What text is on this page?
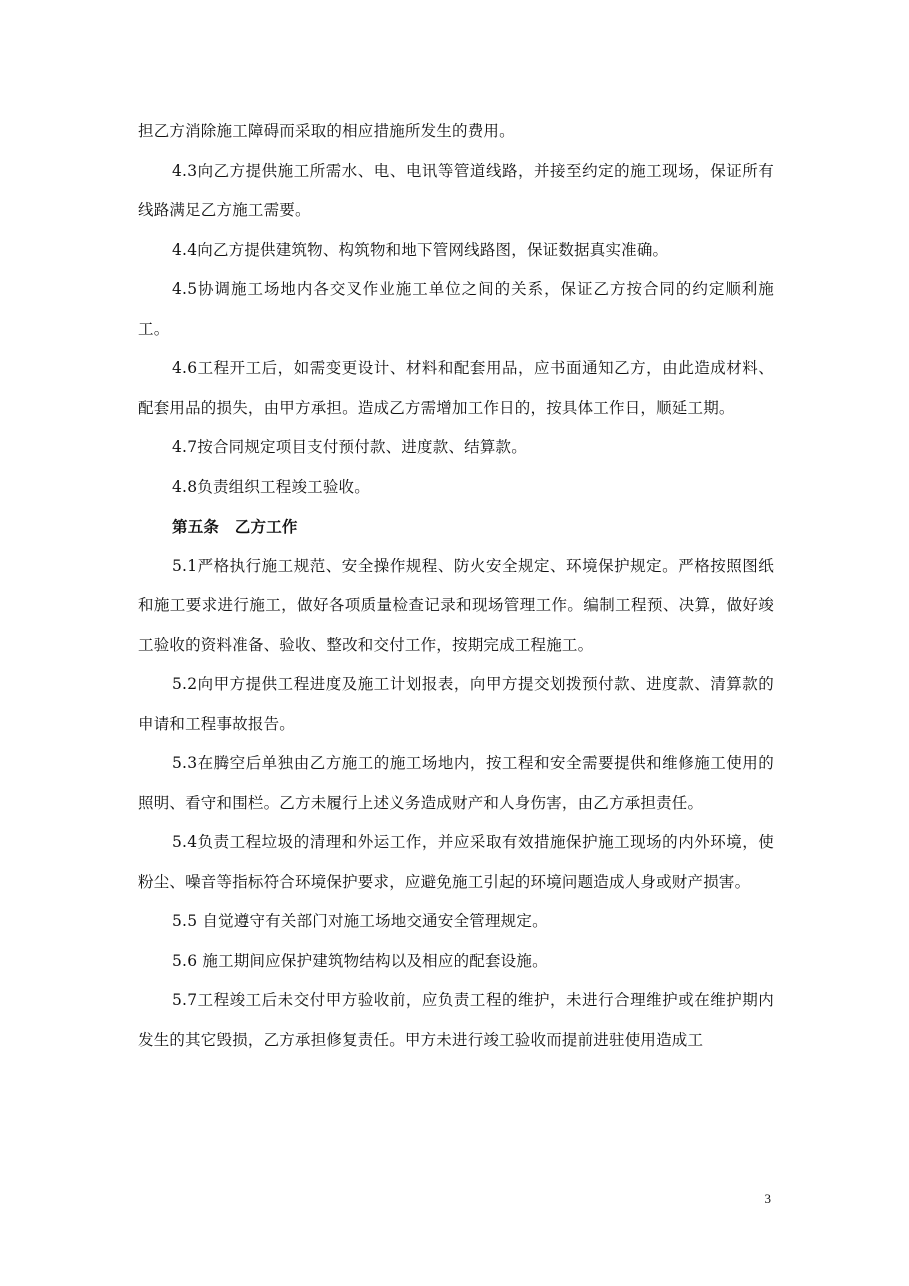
担乙方消除施工障碍而采取的相应措施所发生的费用。

4.3向乙方提供施工所需水、电、电讯等管道线路，并接至约定的施工现场，保证所有线路满足乙方施工需要。

4.4向乙方提供建筑物、构筑物和地下管网线路图，保证数据真实准确。

4.5协调施工场地内各交叉作业施工单位之间的关系，保证乙方按合同的约定顺利施工。

4.6工程开工后，如需变更设计、材料和配套用品，应书面通知乙方，由此造成材料、配套用品的损失，由甲方承担。造成乙方需增加工作日的，按具体工作日，顺延工期。

4.7按合同规定项目支付预付款、进度款、结算款。

4.8负责组织工程竣工验收。

第五条　乙方工作

5.1严格执行施工规范、安全操作规程、防火安全规定、环境保护规定。严格按照图纸和施工要求进行施工，做好各项质量检查记录和现场管理工作。编制工程预、决算，做好竣工验收的资料准备、验收、整改和交付工作，按期完成工程施工。

5.2向甲方提供工程进度及施工计划报表，向甲方提交划拨预付款、进度款、清算款的申请和工程事故报告。

5.3在腾空后单独由乙方施工的施工场地内，按工程和安全需要提供和维修施工使用的照明、看守和围栏。乙方未履行上述义务造成财产和人身伤害，由乙方承担责任。

5.4负责工程垃圾的清理和外运工作，并应采取有效措施保护施工现场的内外环境，使粉尘、噪音等指标符合环境保护要求，应避免施工引起的环境问题造成人身或财产损害。

5.5 自觉遵守有关部门对施工场地交通安全管理规定。

5.6 施工期间应保护建筑物结构以及相应的配套设施。

5.7工程竣工后未交付甲方验收前，应负责工程的维护，未进行合理维护或在维护期内发生的其它毁损，乙方承担修复责任。甲方未进行竣工验收而提前进驻使用造成工

3
